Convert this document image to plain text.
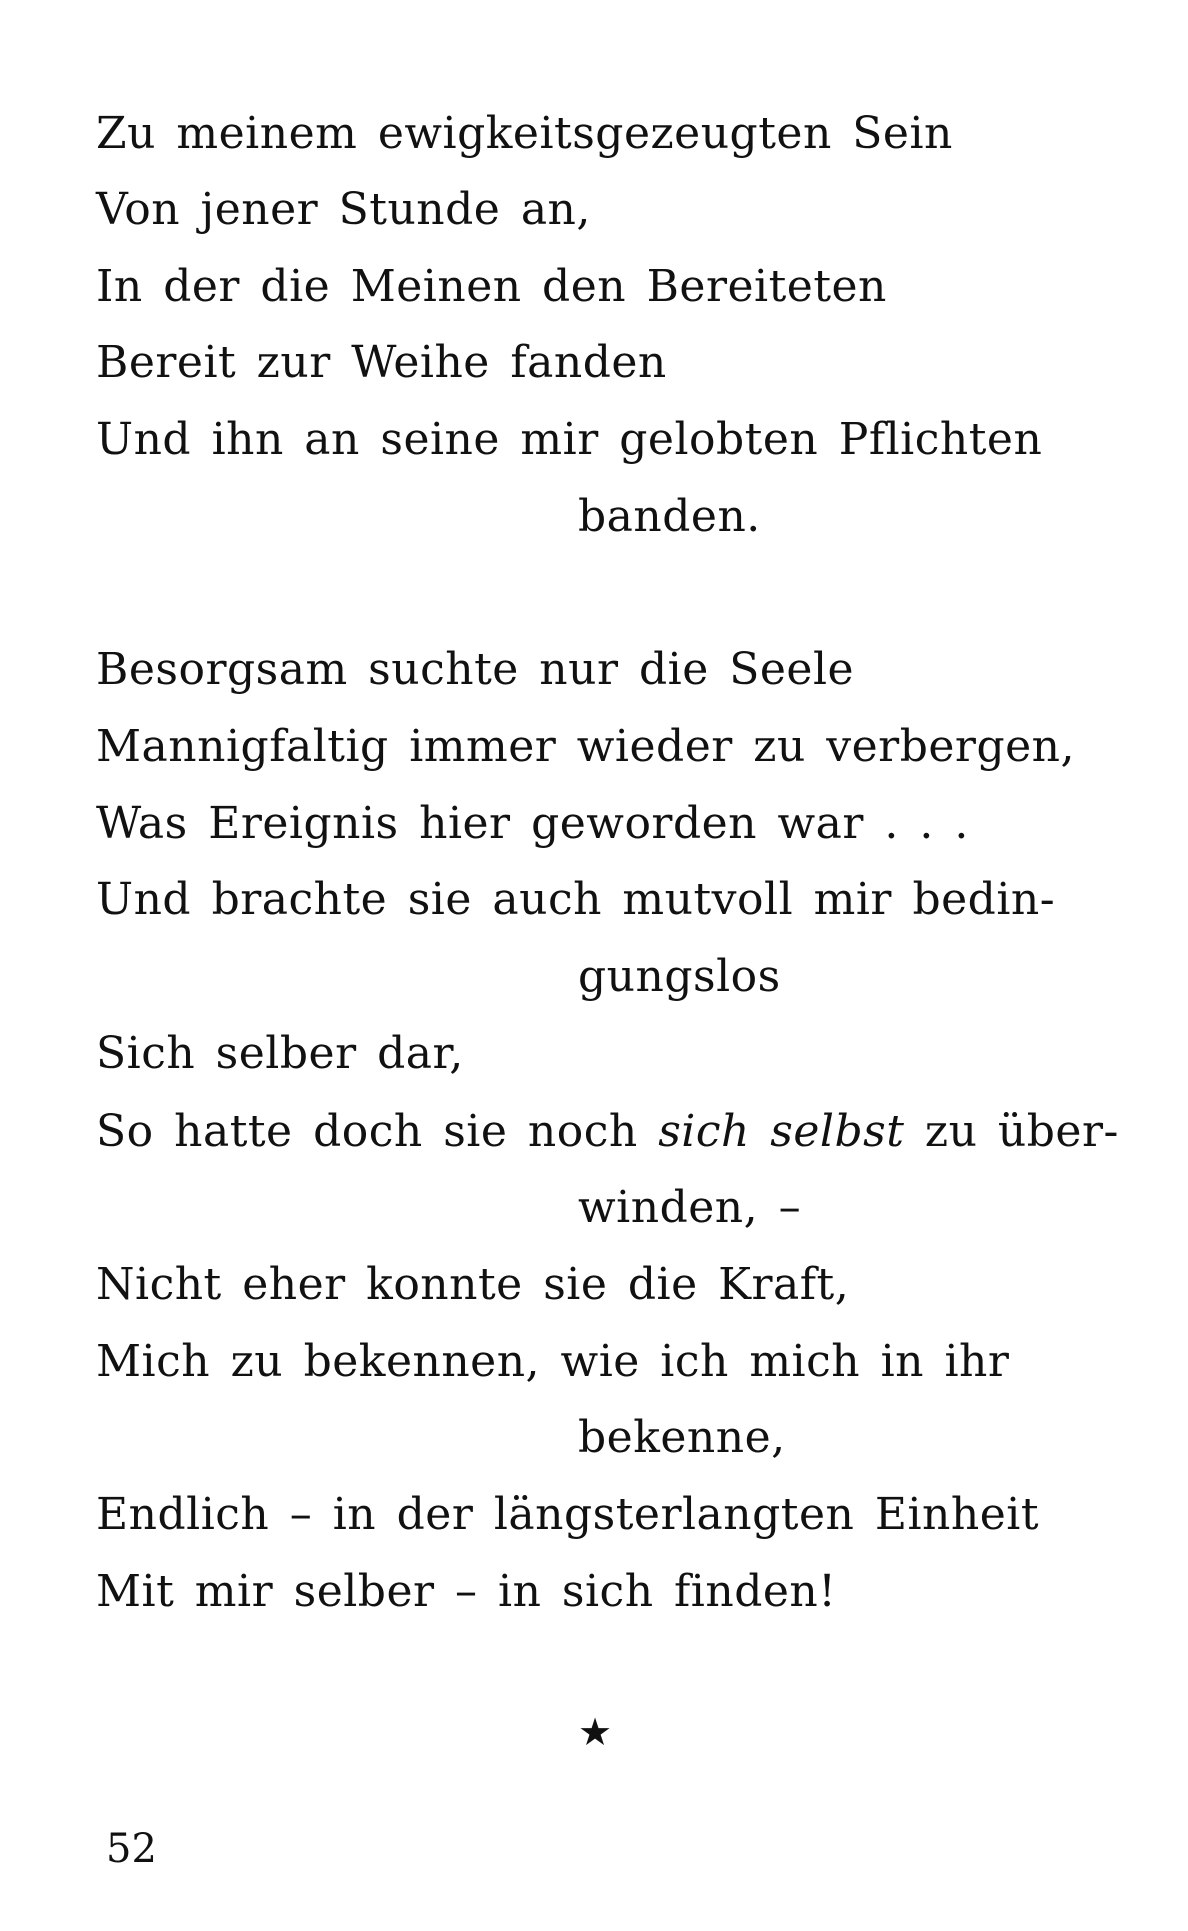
Zu meinem ewigkeitsgezeugten Sein
Von jener Stunde an,
In der die Meinen den Bereiteten
Bereit zur Weihe fanden
Und ihn an seine mir gelobten Pflichten
banden.
Besorgsam suchte nur die Seele
Mannigfaltig immer wieder zu verbergen,
Was Ereignis hier geworden war . . .
Und brachte sie auch mutvoll mir bedin-
gungslos
Sich selber dar,
So hatte doch sie noch sich selbst zu über-
winden, –
Nicht eher konnte sie die Kraft,
Mich zu bekennen, wie ich mich in ihr
bekenne,
Endlich – in der längsterlangten Einheit
Mit mir selber – in sich finden!
★
52
